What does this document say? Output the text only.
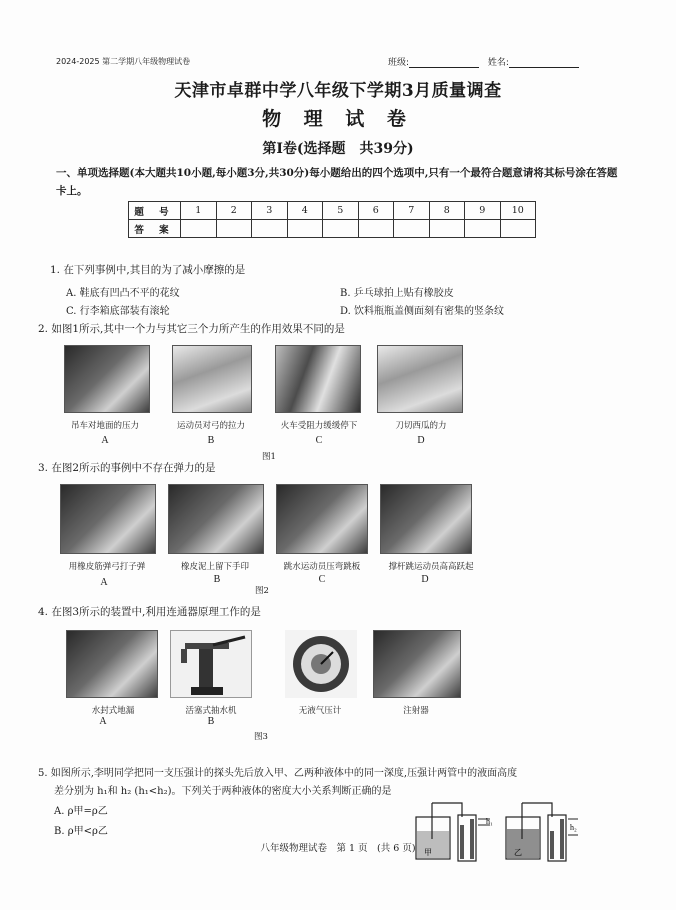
2024-2025 第二学期八年级物理试卷	班级:	姓名:
天津市卓群中学八年级下学期3月质量调查
物 理 试 卷
第Ⅰ卷(选择题　共39分)
一、单项选择题(本大题共10小题,每小题3分,共30分)每小题给出的四个选项中,只有一个最符合题意请将其标号涂在答题卡上。
题 号	1	2	3	4	5	6	7	8	9	10
答 案										
1. 在下列事例中,其目的为了减小摩擦的是
A. 鞋底有凹凸不平的花纹	B. 乒乓球拍上贴有橡胶皮
C. 行李箱底部装有滚轮	D. 饮料瓶瓶盖侧面刻有密集的竖条纹
2. 如图1所示,其中一个力与其它三个力所产生的作用效果不同的是
吊车对地面的压力	运动员对弓的拉力	火车受阻力缓缓停下	刀切西瓜的力
A	B	C	D
图1
3. 在图2所示的事例中不存在弹力的是
用橡皮筋弹弓打子弹	橡皮泥上留下手印	跳水运动员压弯跳板	撑杆跳运动员高高跃起
A	B	C	D
图2
4. 在图3所示的装置中,利用连通器原理工作的是
水封式地漏	活塞式抽水机	无液气压计	注射器
A	B
图3
5. 如图所示,李明同学把同一支压强计的探头先后放入甲、乙两种液体中的同一深度,压强计两管中的液面高度
差分别为 h₁和 h₂ (h₁<h₂)。下列关于两种液体的密度大小关系判断正确的是
A. ρ甲=ρ乙
B. ρ甲<ρ乙
h₁
甲
h₂
乙
八年级物理试卷　第 1 页　(共 6 页)
